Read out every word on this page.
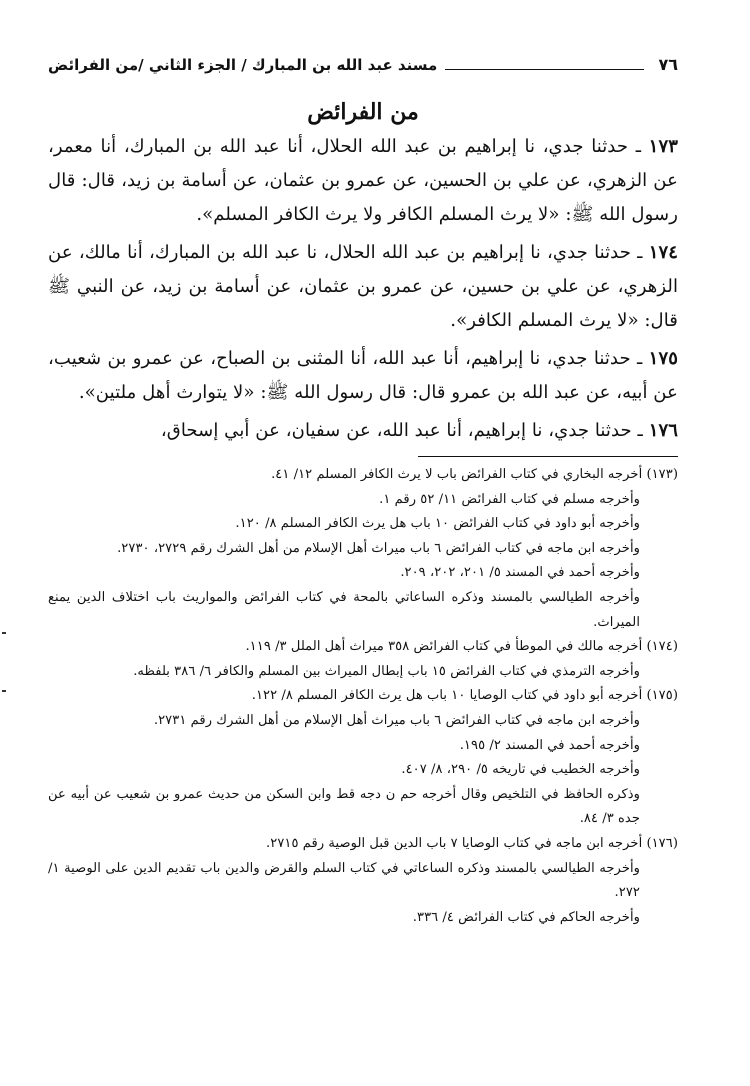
٧٦
مسند عبد الله بن المبارك / الجزء الثاني /من الفرائض
من الفرائض

١٧٣ ـ حدثنا جدي، نا إبراهيم بن عبد الله الحلال، أنا عبد الله بن المبارك، أنا معمر، عن الزهري، عن علي بن الحسين، عن عمرو بن عثمان، عن أسامة بن زيد، قال: قال رسول الله ﷺ: «لا يرث المسلم الكافر ولا يرث الكافر المسلم».

١٧٤ ـ حدثنا جدي، نا إبراهيم بن عبد الله الحلال، نا عبد الله بن المبارك، أنا مالك، عن الزهري، عن علي بن حسين، عن عمرو بن عثمان، عن أسامة بن زيد، عن النبي ﷺ قال: «لا يرث المسلم الكافر».

١٧٥ ـ حدثنا جدي، نا إبراهيم، أنا عبد الله، أنا المثنى بن الصباح، عن عمرو بن شعيب، عن أبيه، عن عبد الله بن عمرو قال: قال رسول الله ﷺ: «لا يتوارث أهل ملتين».

١٧٦ ـ حدثنا جدي، نا إبراهيم، أنا عبد الله، عن سفيان، عن أبي إسحاق،

(١٧٣) أخرجه البخاري في كتاب الفرائض باب لا يرث الكافر المسلم ١٢/ ٤١.

وأخرجه مسلم في كتاب الفرائض ١١/ ٥٢ رقم ١.

وأخرجه أبو داود في كتاب الفرائض ١٠ باب هل يرث الكافر المسلم ٨/ ١٢٠.

وأخرجه ابن ماجه في كتاب الفرائض ٦ باب ميراث أهل الإسلام من أهل الشرك رقم ٢٧٢٩، ٢٧٣٠.

وأخرجه أحمد في المسند ٥/ ٢٠١، ٢٠٢، ٢٠٩.

وأخرجه الطيالسي بالمسند وذكره الساعاتي بالمحة في كتاب الفرائض والمواريث باب اختلاف الدين يمنع الميراث.

(١٧٤) أخرجه مالك في الموطأ في كتاب الفرائض ٣٥٨ ميراث أهل الملل ٣/ ١١٩.

وأخرجه الترمذي في كتاب الفرائض ١٥ باب إبطال الميراث بين المسلم والكافر ٦/ ٣٨٦ بلفظه.

(١٧٥) أخرجه أبو داود في كتاب الوصايا ١٠ باب هل يرث الكافر المسلم ٨/ ١٢٢.

وأخرجه ابن ماجه في كتاب الفرائض ٦ باب ميراث أهل الإسلام من أهل الشرك رقم ٢٧٣١.

وأخرجه أحمد في المسند ٢/ ١٩٥.

وأخرجه الخطيب في تاريخه ٥/ ٢٩٠، ٨/ ٤٠٧.

وذكره الحافظ في التلخيص وقال أخرجه حم ن دجه قط وابن السكن من حديث عمرو بن شعيب عن أبيه عن جده ٣/ ٨٤.

(١٧٦) أخرجه ابن ماجه في كتاب الوصايا ٧ باب الدين قبل الوصية رقم ٢٧١٥.

وأخرجه الطيالسي بالمسند وذكره الساعاتي في كتاب السلم والقرض والدين باب تقديم الدين على الوصية ١/ ٢٧٢.

وأخرجه الحاكم في كتاب الفرائض ٤/ ٣٣٦.
